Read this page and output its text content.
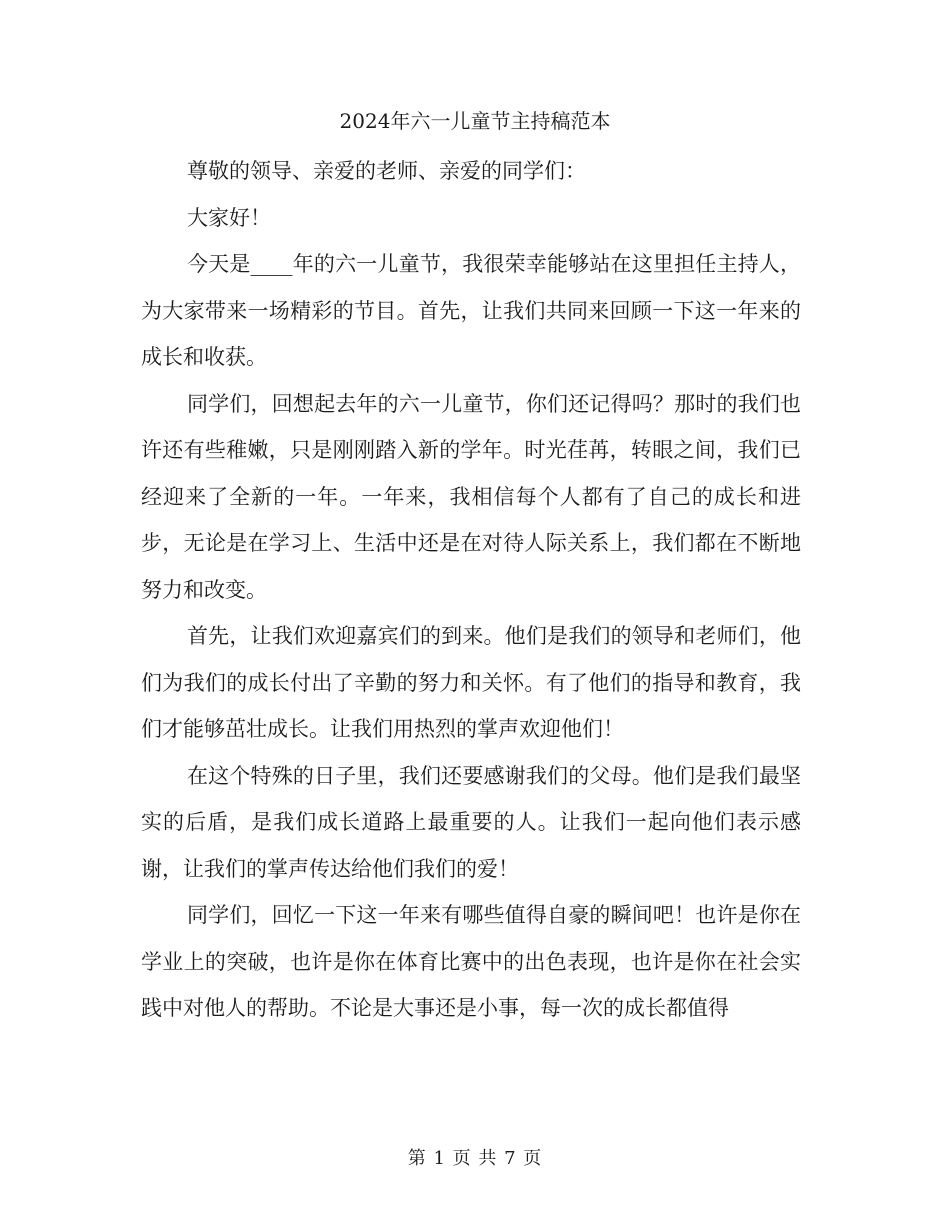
2024年六一儿童节主持稿范本

尊敬的领导、亲爱的老师、亲爱的同学们：

大家好！

今天是____年的六一儿童节，我很荣幸能够站在这里担任主持人，为大家带来一场精彩的节目。首先，让我们共同来回顾一下这一年来的成长和收获。

同学们，回想起去年的六一儿童节，你们还记得吗？那时的我们也许还有些稚嫩，只是刚刚踏入新的学年。时光荏苒，转眼之间，我们已经迎来了全新的一年。一年来，我相信每个人都有了自己的成长和进步，无论是在学习上、生活中还是在对待人际关系上，我们都在不断地努力和改变。

首先，让我们欢迎嘉宾们的到来。他们是我们的领导和老师们，他们为我们的成长付出了辛勤的努力和关怀。有了他们的指导和教育，我们才能够茁壮成长。让我们用热烈的掌声欢迎他们！

在这个特殊的日子里，我们还要感谢我们的父母。他们是我们最坚实的后盾，是我们成长道路上最重要的人。让我们一起向他们表示感谢，让我们的掌声传达给他们我们的爱！

同学们，回忆一下这一年来有哪些值得自豪的瞬间吧！也许是你在学业上的突破，也许是你在体育比赛中的出色表现，也许是你在社会实践中对他人的帮助。不论是大事还是小事，每一次的成长都值得

第 1 页 共 7 页
